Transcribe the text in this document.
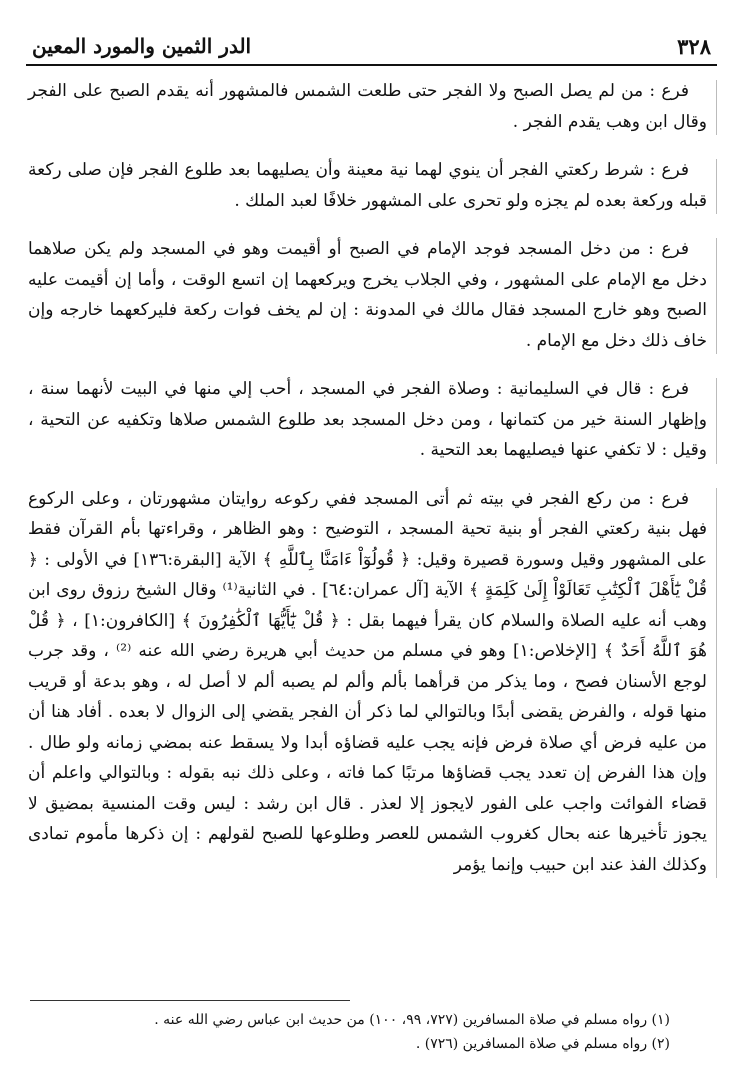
٣٢٨
الدر الثمين والمورد المعين

فرع : من لم يصل الصبح ولا الفجر حتى طلعت الشمس فالمشهور أنه يقدم الصبح على الفجر وقال ابن وهب يقدم الفجر .

فرع : شرط ركعتي الفجر أن ينوي لهما نية معينة وأن يصليهما بعد طلوع الفجر فإن صلى ركعة قبله وركعة بعده لم يجزه ولو تحرى على المشهور خلافًا لعبد الملك .

فرع : من دخل المسجد فوجد الإمام في الصبح أو أقيمت وهو في المسجد ولم يكن صلاهما دخل مع الإمام على المشهور ، وفي الجلاب يخرج ويركعهما إن اتسع الوقت ، وأما إن أقيمت عليه الصبح وهو خارج المسجد فقال مالك في المدونة : إن لم يخف فوات ركعة فليركعهما خارجه وإن خاف ذلك دخل مع الإمام .

فرع : قال في السليمانية : وصلاة الفجر في المسجد ، أحب إلي منها في البيت لأنهما سنة ، وإظهار السنة خير من كتمانها ، ومن دخل المسجد بعد طلوع الشمس صلاها وتكفيه عن التحية ، وقيل : لا تكفي عنها فيصليهما بعد التحية .

فرع : من ركع الفجر في بيته ثم أتى المسجد ففي ركوعه روايتان مشهورتان ، وعلى الركوع فهل بنية ركعتي الفجر أو بنية تحية المسجد ، التوضيح : وهو الظاهر ، وقراءتها بأم القرآن فقط على المشهور وقيل وسورة قصيرة وقيل: ﴿ قُولُوٓاْ ءَامَنَّا بِٱللَّهِ ﴾ الآية [البقرة:١٣٦] في الأولى : ﴿ قُلْ يَٰٓأَهْلَ ٱلْكِتَٰبِ تَعَالَوْاْ إِلَىٰ كَلِمَةٍ ﴾ الآية [آل عمران:٦٤] . في الثانية⁽¹⁾ وقال الشيخ رزوق روى ابن وهب أنه عليه الصلاة والسلام كان يقرأ فيهما بقل : ﴿ قُلْ يَٰٓأَيُّهَا ٱلْكَٰفِرُونَ ﴾ [الكافرون:١] ، ﴿ قُلْ هُوَ ٱللَّهُ أَحَدٌ ﴾ [الإخلاص:١] وهو في مسلم من حديث أبي هريرة رضي الله عنه ⁽²⁾ ، وقد جرب لوجع الأسنان فصح ، وما يذكر من قرأهما بألم وألم لم يصبه ألم لا أصل له ، وهو بدعة أو قريب منها قوله ، والفرض يقضى أبدًا وبالتوالي لما ذكر أن الفجر يقضي إلى الزوال لا بعده . أفاد هنا أن من عليه فرض أي صلاة فرض فإنه يجب عليه قضاؤه أبدا ولا يسقط عنه بمضي زمانه ولو طال . وإن هذا الفرض إن تعدد يجب قضاؤها مرتبًا كما فاته ، وعلى ذلك نبه بقوله : وبالتوالي واعلم أن قضاء الفوائت واجب على الفور لايجوز إلا لعذر . قال ابن رشد : ليس وقت المنسية بمضيق لا يجوز تأخيرها عنه بحال كغروب الشمس للعصر وطلوعها للصبح لقولهم : إن ذكرها مأموم تمادى وكذلك الفذ عند ابن حبيب وإنما يؤمر

(١) رواه مسلم في صلاة المسافرين (٧٢٧، ٩٩، ١٠٠) من حديث ابن عباس رضي الله عنه .
(٢) رواه مسلم في صلاة المسافرين (٧٢٦) .
